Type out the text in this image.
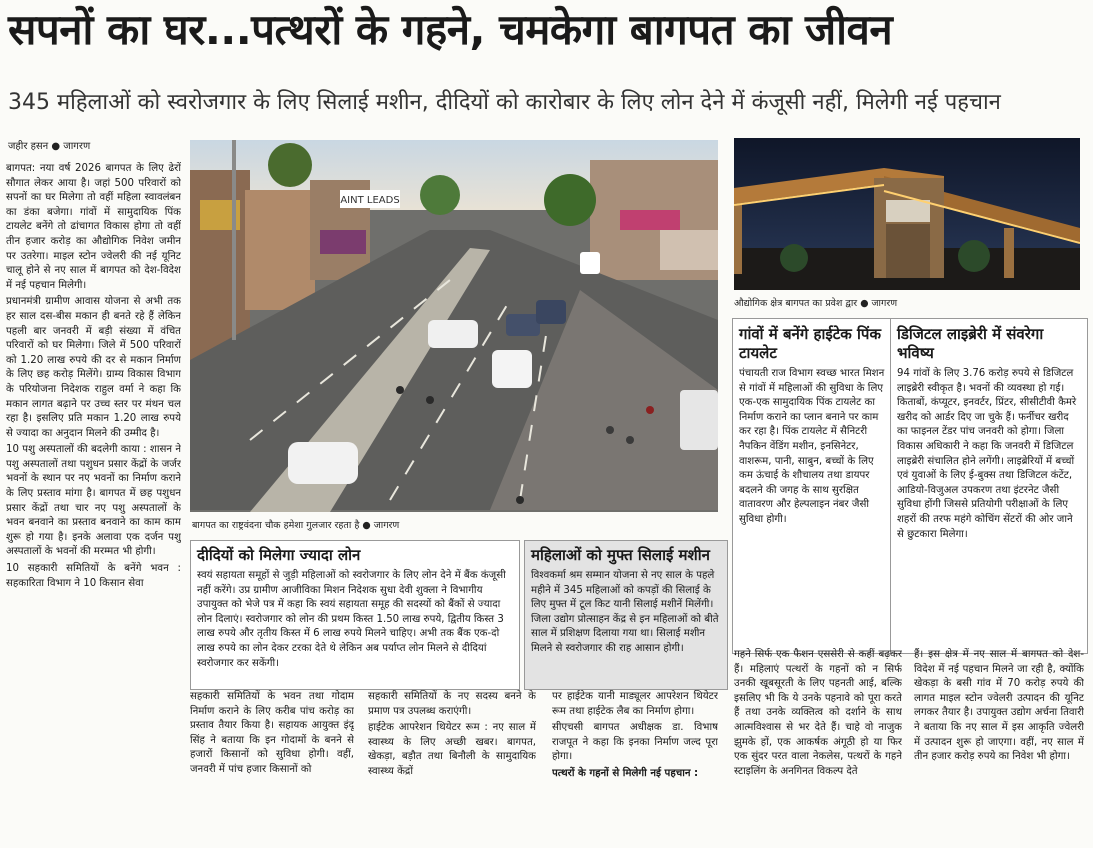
सपनों का घर...पत्थरों के गहने, चमकेगा बागपत का जीवन
345 महिलाओं को स्वरोजगार के लिए सिलाई मशीन, दीदियों को कारोबार के लिए लोन देने में कंजूसी नहीं, मिलेगी नई पहचान
जहीर हसन ● जागरण

बागपत: नया वर्ष 2026 बागपत के लिए ढेरों सौगात लेकर आया है। जहां 500 परिवारों को सपनों का घर मिलेगा तो वहीं महिला स्वावलंबन का डंका बजेगा। गांवों में सामुदायिक पिंक टायलेट बनेंगे तो ढांचागत विकास होगा तो वहीं तीन हजार करोड़ का औद्योगिक निवेश जमीन पर उतरेगा। माइल स्टोन ज्वेलरी की नई यूनिट चालू होने से नए साल में बागपत को देश-विदेश में नई पहचान मिलेगी।

प्रधानमंत्री ग्रामीण आवास योजना से अभी तक हर साल दस-बीस मकान ही बनते रहे हैं लेकिन पहली बार जनवरी में बड़ी संख्या में वंचित परिवारों को घर मिलेगा। जिले में 500 परिवारों को 1.20 लाख रुपये की दर से मकान निर्माण के लिए छह करोड़ मिलेंगे। ग्राम्य विकास विभाग के परियोजना निदेशक राहुल वर्मा ने कहा कि मकान लागत बढ़ाने पर उच्च स्तर पर मंथन चल रहा है। इसलिए प्रति मकान 1.20 लाख रुपये से ज्यादा का अनुदान मिलने की उम्मीद है।

10 पशु अस्पतालों की बदलेगी काया : शासन ने पशु अस्पतालों तथा पशुधन प्रसार केंद्रों के जर्जर भवनों के स्थान पर नए भवनों का निर्माण कराने के लिए प्रस्ताव मांगा है। बागपत में छह पशुधन प्रसार केंद्रों तथा चार नए पशु अस्पतालों के भवन बनवाने का प्रस्ताव बनवाने का काम काम शुरू हो गया है। इनके अलावा एक दर्जन पशु अस्पतालों के भवनों की मरम्मत भी होगी।

10 सहकारी समितियों के बनेंगे भवन : सहकारिता विभाग ने 10 किसान सेवा

AINT LEADS
बागपत का राष्ट्रवंदना चौक हमेशा गुलजार रहता है ● जागरण
औद्योगिक क्षेत्र बागपत का प्रवेश द्वार ● जागरण
गांवों में बनेंगे हाईटेक पिंक टायलेट
पंचायती राज विभाग स्वच्छ भारत मिशन से गांवों में महिलाओं की सुविधा के लिए एक-एक सामुदायिक पिंक टायलेट का निर्माण कराने का प्लान बनाने पर काम कर रहा है। पिंक टायलेट में सैनिटरी नैपकिन वेंडिंग मशीन, इनसिनेटर, वाशरूम, पानी, साबुन, बच्चों के लिए कम ऊंचाई के शौचालय तथा डायपर बदलने की जगह के साथ सुरक्षित वातावरण और हेल्पलाइन नंबर जैसी सुविधा होगी।
डिजिटल लाइब्रेरी में संवरेगा भविष्य
94 गांवों के लिए 3.76 करोड़ रुपये से डिजिटल लाइब्रेरी स्वीकृत है। भवनों की व्यवस्था हो गई। किताबों, कंप्यूटर, इनवर्टर, प्रिंटर, सीसीटीवी कैमरे खरीद को आर्डर दिए जा चुके हैं। फर्नीचर खरीद का फाइनल टेंडर पांच जनवरी को होगा। जिला विकास अधिकारी ने कहा कि जनवरी में डिजिटल लाइब्रेरी संचालित होने लगेंगी। लाइब्रेरियों में बच्चों एवं युवाओं के लिए ई-बुक्स तथा डिजिटल कंटेंट, आडियो-विजुअल उपकरण तथा इंटरनेट जैसी सुविधा होंगी जिससे प्रतियोगी परीक्षाओं के लिए शहरों की तरफ महंगे कोचिंग सेंटरों की ओर जाने से छुटकारा मिलेगा।
दीदियों को मिलेगा ज्यादा लोन
स्वयं सहायता समूहों से जुड़ी महिलाओं को स्वरोजगार के लिए लोन देने में बैंक कंजूसी नहीं करेंगे। उप्र ग्रामीण आजीविका मिशन निदेशक सुधा देवी शुक्ला ने विभागीय उपायुक्त को भेजे पत्र में कहा कि स्वयं सहायता समूह की सदस्यों को बैंकों से ज्यादा लोन दिलाएं। स्वरोजगार को लोन की प्रथम किस्त 1.50 लाख रुपये, द्वितीय किस्त 3 लाख रुपये और तृतीय किस्त में 6 लाख रुपये मिलने चाहिए। अभी तक बैंक एक-दो लाख रुपये का लोन देकर टरका देते थे लेकिन अब पर्याप्त लोन मिलने से दीदियां स्वरोजगार कर सकेंगी।
महिलाओं को मुफ्त सिलाई मशीन
विश्वकर्मा श्रम सम्मान योजना से नए साल के पहले महीने में 345 महिलाओं को कपड़ों की सिलाई के लिए मुफ्त में टूल किट यानी सिलाई मशीनें मिलेंगी। जिला उद्योग प्रोत्साहन केंद्र से इन महिलाओं को बीते साल में प्रशिक्षण दिलाया गया था। सिलाई मशीन मिलने से स्वरोजगार की राह आसान होगी।

सहकारी समितियों के भवन तथा गोदाम निर्माण कराने के लिए करीब पांच करोड़ का प्रस्ताव तैयार किया है। सहायक आयुक्त इंदू सिंह ने बताया कि इन गोदामों के बनने से हजारों किसानों को सुविधा होगी। वहीं, जनवरी में पांच हजार किसानों को

सहकारी समितियों के नए सदस्य बनने के प्रमाण पत्र उपलब्ध कराएंगी।

हाईटेक आपरेशन थियेटर रूम : नए साल में स्वास्थ्य के लिए अच्छी खबर। बागपत, खेकड़ा, बड़ौत तथा बिनौली के सामुदायिक स्वास्थ्य केंद्रों

पर हाईटेक यानी माड्यूलर आपरेशन थियेटर रूम तथा हाईटेक लैब का निर्माण होगा।

सीएचसी बागपत अधीक्षक डा. विभाष राजपूत ने कहा कि इनका निर्माण जल्द पूरा होगा।

पत्थरों के गहनों से मिलेगी नई पहचान :

गहने सिर्फ एक फैशन एससेरी से कहीं बढ़कर हैं। महिलाएं पत्थरों के गहनों को न सिर्फ उनकी खूबसूरती के लिए पहनती आई, बल्कि इसलिए भी कि ये उनके पहनावे को पूरा करते हैं तथा उनके व्यक्तित्व को दर्शाने के साथ आत्मविश्वास से भर देते हैं। चाहे वो नाजुक झुमके हों, एक आकर्षक अंगूठी हो या फिर एक सुंदर परत वाला नेकलेस, पत्थरों के गहने स्टाइलिंग के अनगिनत विकल्प देते

हैं। इस क्षेत्र में नए साल में बागपत को देश-विदेश में नई पहचान मिलने जा रही है, क्योंकि खेकड़ा के बसी गांव में 70 करोड़ रुपये की लागत माइल स्टोन ज्वेलरी उत्पादन की यूनिट लगकर तैयार है। उपायुक्त उद्योग अर्चना तिवारी ने बताया कि नए साल में इस आकृति ज्वेलरी में उत्पादन शुरू हो जाएगा। वहीं, नए साल में तीन हजार करोड़ रुपये का निवेश भी होगा।
